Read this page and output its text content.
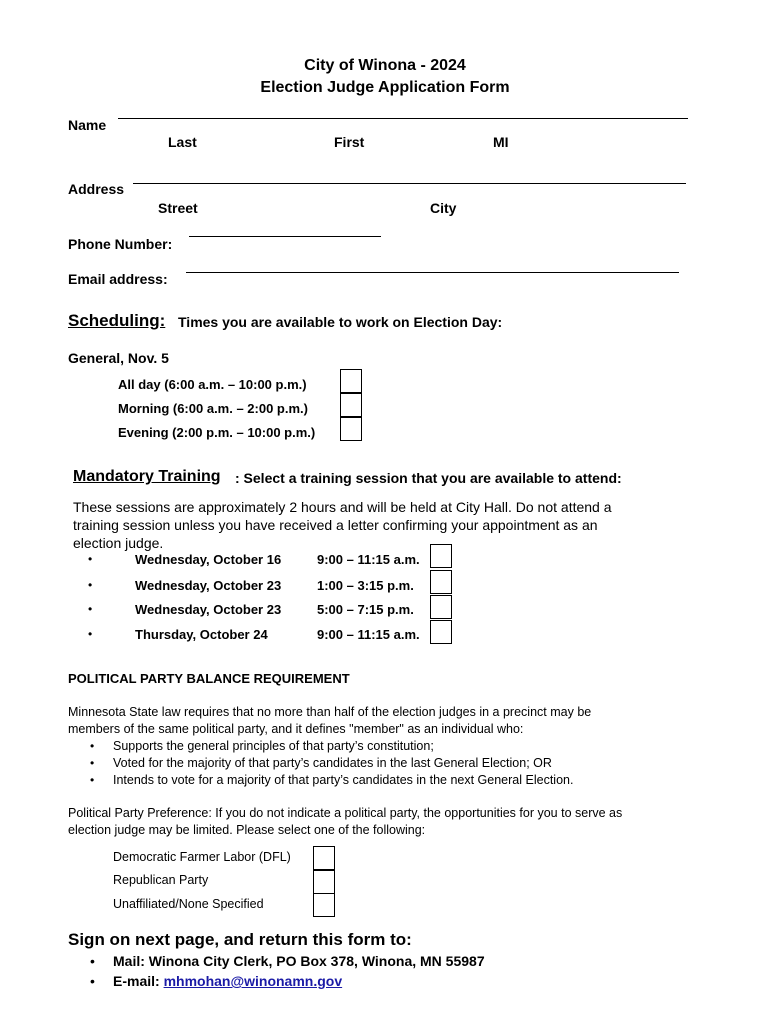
City of Winona - 2024
Election Judge Application Form
Name
Last	First	MI
Address
Street	City
Phone Number:
Email address:
Scheduling: Times you are available to work on Election Day:
General, Nov. 5
All day (6:00 a.m. – 10:00 p.m.)
Morning (6:00 a.m. – 2:00 p.m.)
Evening (2:00 p.m. – 10:00 p.m.)
Mandatory Training : Select a training session that you are available to attend:
These sessions are approximately 2 hours and will be held at City Hall. Do not attend a
training session unless you have received a letter confirming your appointment as an
election judge.
•	Wednesday, October 16	9:00 – 11:15 a.m.
•	Wednesday, October 23	1:00 – 3:15 p.m.
•	Wednesday, October 23	5:00 – 7:15 p.m.
•	Thursday, October 24	9:00 – 11:15 a.m.
POLITICAL PARTY BALANCE REQUIREMENT
Minnesota State law requires that no more than half of the election judges in a precinct may be
members of the same political party, and it defines "member" as an individual who:
• Supports the general principles of that party’s constitution;
• Voted for the majority of that party’s candidates in the last General Election; OR
• Intends to vote for a majority of that party’s candidates in the next General Election.
Political Party Preference: If you do not indicate a political party, the opportunities for you to serve as
election judge may be limited. Please select one of the following:
Democratic Farmer Labor (DFL)
Republican Party
Unaffiliated/None Specified
Sign on next page, and return this form to:
• Mail: Winona City Clerk, PO Box 378, Winona, MN 55987
• E-mail: mhmohan@winonamn.gov
